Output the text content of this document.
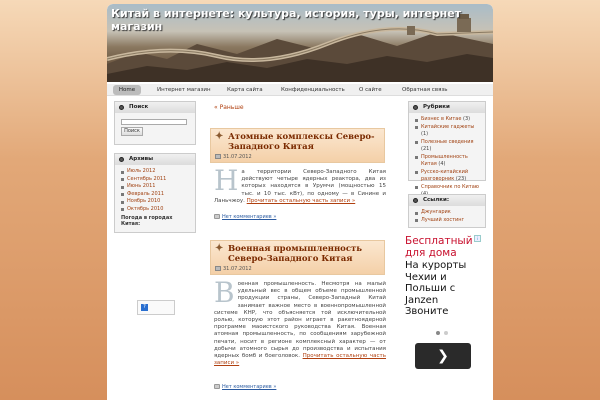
Китай в интернете: культура, история, туры, интернет магазин
Home	Интернет магазин	Карта сайта	Конфиденциальность	О сайте	Обратная связь
Поиск
Поиск
Архивы
Июль 2012
Сентябрь 2011
Июнь 2011
Февраль 2011
Ноябрь 2010
Октябрь 2010
Погода в городах Китая:
?
« Раньше
✦ Атомные комплексы Северо-Западного Китая
31.07.2012
Н а территории Северо-Западного Китая действуют четыре ядерных реактора, два из которых находятся в Урумчи (мощностью 15 тыс. и 10 тыс. кВт), по одному — в Синине и Ланьчжоу. Прочитать остальную часть записи »
Нет комментариев »
✦ Военная промышленность Северо-Западного Китая
31.07.2012
В оенная промышленность. Несмотря на малый удельный вес в общем объеме промышленной продукции страны, Северо-Западный Китай занимает важное место в военнопромышленной системе КНР, что объясняется той исключительной ролью, которую этот район играет в ракетноядерной программе маоистского руководства Китая. Военная атомная промышленность, по сообщениям зарубежной печати, носит в регионе комплексный характер — от добычи атомного сырья до производства и испытания ядерных бомб и боеголовок. Прочитать остальную часть записи »
Нет комментариев »
Рубрики
Бизнес в Китае (3)
Китайские гаджеты (1)
Полезные сведения (21)
Промышленность Китая (4)
Русско-китайский разговорник (23)
Справочник по Китаю
Ссылки:
Джунгарик
Лучший хостинг
i
Бесплатный для дома
На курорты Чехии и Польши с Janzen Звоните
❯
